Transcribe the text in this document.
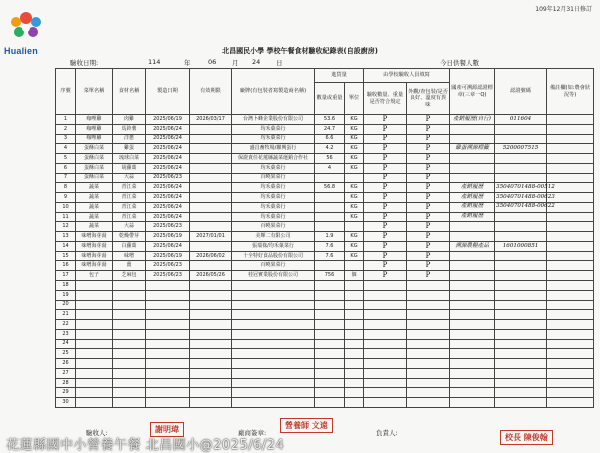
Hualien
109年12月31日修訂
北昌國民小學 學校午餐食材驗收紀錄表(自設廚房)
驗收日期:	114	年	06 月 24 日	今日供餐人數
序號	菜單名稱	食材名稱	製造日期	有效期限	廠牌(有包裝者寫製造商名稱)	進貨量		由學校驗收人員填寫		國產可溯源認證標章(三章一Q)	認證號碼	備註欄(如:農會狀況等)
						數量或重量	單位	驗收數量、重量是否符合規定	外觀/查包裝/是否良好、溫度有異味			
1	咖哩雞	肉雞	2025/06/19	2026/03/17	台灣卜蜂企業股份有限公司	53.6	KG	P	P	產銷履歷(自行)	011604	
2	咖哩雞	馬鈴薯	2025/06/24		均禾菓菜行	24.7	KG	P	P			
3	咖哩雞	洋蔥	2025/06/24		均禾菓菜行	6.6	KG	P	P			
4	蛋酥白菜	雞蛋	2025/06/24		盛昌畜牧場/聯興蛋行	4.2	KG	P	P	雞蛋溯源標籤	5200007515	
5	蛋酥白菜	琉球白菜	2025/06/24		保證責任花蓮縣蔬菜運銷合作社	56	KG	P	P			
6	蛋酥白菜	胡蘿蔔	2025/06/24		均禾菓菜行	4	KG	P	P			
7	蛋酥白菜	大蒜	2025/06/23		百曉果菜行			P	P			
8	蔬菜	青江菜	2025/06/24		均禾菓菜行	56.8	KG	P	P	產銷履歷	35040701488-00512	
9	蔬菜	青江菜	2025/06/24		均禾菓菜行		KG	P	P	產銷履歷	35040701488-00623	
10	蔬菜	青江菜	2025/06/24		均禾菓菜行		KG	P	P	產銷履歷	35040701488-00622	
11	蔬菜	青江菜	2025/06/24		均禾菓菜行		KG	P	P	產銷履歷		
12	蔬菜	大蒜	2025/06/23		百曉果菜行			P	P			
13	味噌海芽湯	乾燥帶芽	2025/06/19	2027/01/01	美輝二有限公司	1.9	KG	P	P			
14	味噌海芽湯	白蘿蔔	2025/06/24		張瑞祿/均禾菓菜行	7.6	KG	P	P	溯源農糧產品	1601000851	
15	味噌海芽湯	味噌	2025/06/19	2026/06/02	十全特好食品股份有限公司	7.6	KG	P	P			
16	味噌海芽湯	薑	2025/06/23		百曉果菜行			P	P			
17	包子	芝麻包	2025/06/23	2026/05/26	桂冠實業股份有限公司	756	個	P	P			
18												
19												
20												
21												
22												
23												
24												
25												
26												
27												
28												
29												
30												
驗收人:	謝明瑋	廠商簽章:
營養師 文遠
負責人:	校長 陳俊翰
花蓮縣國中小營養午餐 北昌國小@2025/6/24
